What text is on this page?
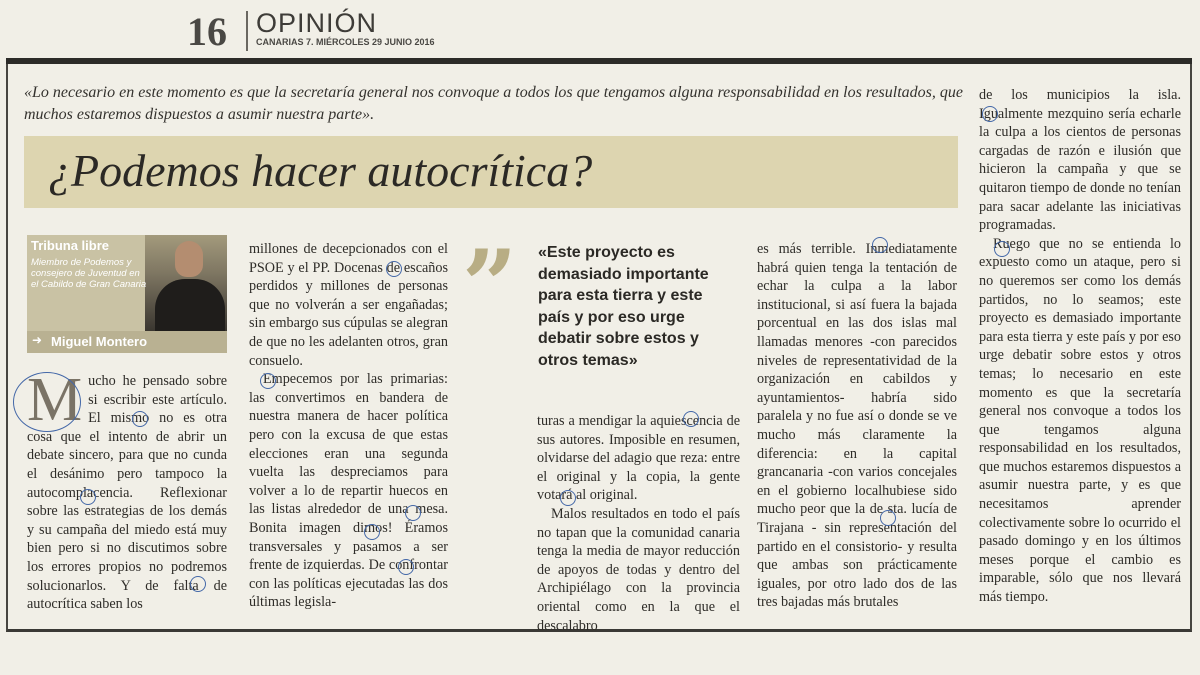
16 OPINIÓN
CANARIAS 7. MIÉRCOLES 29 JUNIO 2016
«Lo necesario en este momento es que la secretaría general nos convoque a todos los que tengamos alguna responsabilidad en los resultados, que muchos estaremos dispuestos a asumir nuestra parte».
¿Podemos hacer autocrítica?
Tribuna libre
Miembro de Podemos y consejero de Juventud en el Cabildo de Gran Canaria
➜ Miguel Montero

Mucho he pensado sobre si escribir este artículo. El mismo no es otra cosa que el intento de abrir un debate sincero, para que no cunda el desánimo pero tampoco la autocomplacencia. Reflexionar sobre las estrategias de los demás y su campaña del miedo está muy bien pero si no discutimos sobre los errores propios no podremos solucionarlos. Y de falta de autocrítica saben los

millones de decepcionados con el PSOE y el PP. Docenas de escaños perdidos y millones de personas que no volverán a ser engañadas; sin embargo sus cúpulas se alegran de que no les adelanten otros, gran consuelo.

Empecemos por las primarias: las convertimos en bandera de nuestra manera de hacer política pero con la excusa de que estas elecciones eran una segunda vuelta las despreciamos para volver a lo de repartir huecos en las listas alrededor de una mesa. Bonita imagen dimos! Éramos transversales y pasamos a ser frente de izquierdas. De confrontar con las políticas ejecutadas las dos últimas legisla-

” «Este proyecto es demasiado importante para esta tierra y este país y por eso urge debatir sobre estos y otros temas»

turas a mendigar la aquiescencia de sus autores. Imposible en resumen, olvidarse del adagio que reza: entre el original y la copia, la gente votará al original.

Malos resultados en todo el país no tapan que la comunidad canaria tenga la media de mayor reducción de apoyos de todas y dentro del Archipiélago con la provincia oriental como en la que el descalabro

es más terrible. Inmediatamente habrá quien tenga la tentación de echar la culpa a la labor institucional, si así fuera la bajada porcentual en las dos islas mal llamadas menores -con parecidos niveles de representatividad de la organización en cabildos y ayuntamientos- habría sido paralela y no fue así o donde se ve mucho más claramente la diferencia: en la capital grancanaria -con varios concejales en el gobierno localhubiese sido mucho peor que la de sta. lucía de Tirajana - sin representación del partido en el consistorio- y resulta que ambas son prácticamente iguales, por otro lado dos de las tres bajadas más brutales

de los municipios la isla. Igualmente mezquino sería echarle la culpa a los cientos de personas cargadas de razón e ilusión que hicieron la campaña y que se quitaron tiempo de donde no tenían para sacar adelante las iniciativas programadas.

Ruego que no se entienda lo expuesto como un ataque, pero si no queremos ser como los demás partidos, no lo seamos; este proyecto es demasiado importante para esta tierra y este país y por eso urge debatir sobre estos y otros temas; lo necesario en este momento es que la secretaría general nos convoque a todos los que tengamos alguna responsabilidad en los resultados, que muchos estaremos dispuestos a asumir nuestra parte, y es que necesitamos aprender colectivamente sobre lo ocurrido el pasado domingo y en los últimos meses porque el cambio es imparable, sólo que nos llevará más tiempo.
